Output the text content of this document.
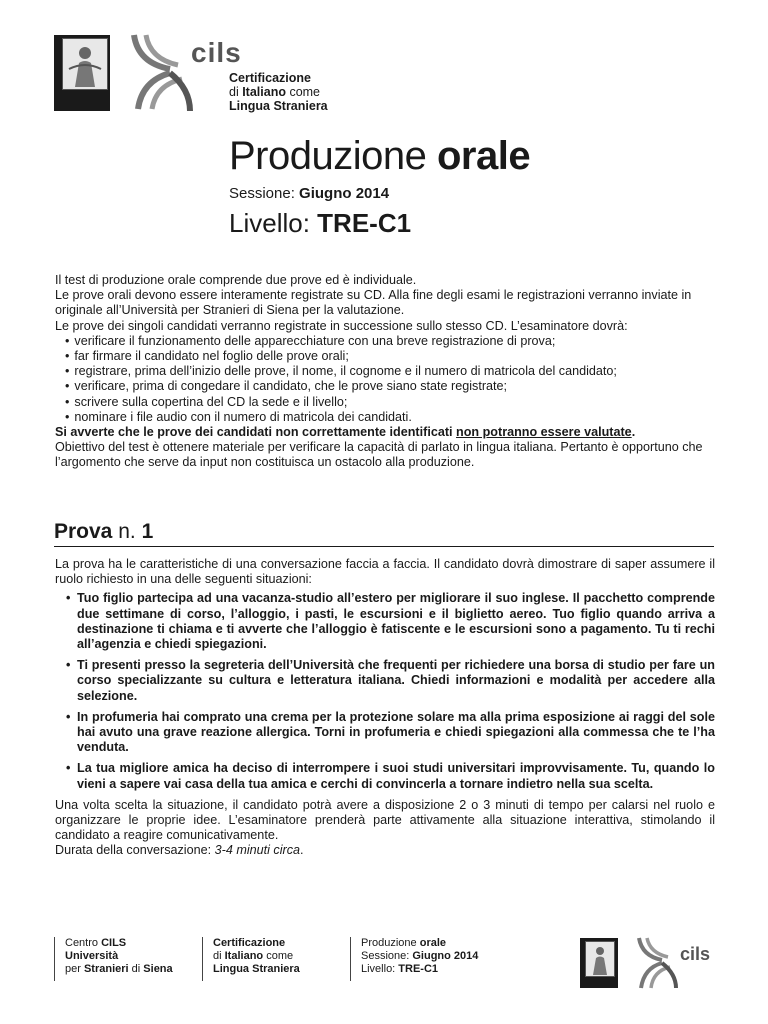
cils
Certificazione
di Italiano come
Lingua Straniera
Produzione orale
Sessione: Giugno 2014
Livello: TRE-C1

Il test di produzione orale comprende due prove ed è individuale.

Le prove orali devono essere interamente registrate su CD. Alla fine degli esami le registrazioni verranno inviate in originale all’Università per Stranieri di Siena per la valutazione.

Le prove dei singoli candidati verranno registrate in successione sullo stesso CD. L’esaminatore dovrà:

• verificare il funzionamento delle apparecchiature con una breve registrazione di prova;
• far firmare il candidato nel foglio delle prove orali;
• registrare, prima dell’inizio delle prove, il nome, il cognome e il numero di matricola del candidato;
• verificare, prima di congedare il candidato, che le prove siano state registrate;
• scrivere sulla copertina del CD la sede e il livello;
• nominare i file audio con il numero di matricola dei candidati.

Si avverte che le prove dei candidati non correttamente identificati non potranno essere valutate.

Obiettivo del test è ottenere materiale per verificare la capacità di parlato in lingua italiana. Pertanto è opportuno che l’argomento che serve da input non costituisca un ostacolo alla produzione.

Prova n. 1

La prova ha le caratteristiche di una conversazione faccia a faccia. Il candidato dovrà dimostrare di saper assumere il ruolo richiesto in una delle seguenti situazioni:

• Tuo figlio partecipa ad una vacanza-studio all’estero per migliorare il suo inglese. Il pacchetto comprende due settimane di corso, l’alloggio, i pasti, le escursioni e il biglietto aereo. Tuo figlio quando arriva a destinazione ti chiama e ti avverte che l’alloggio è fatiscente e le escursioni sono a pagamento. Tu ti rechi all’agenzia e chiedi spiegazioni.
• Ti presenti presso la segreteria dell’Università che frequenti per richiedere una borsa di studio per fare un corso specializzante su cultura e letteratura italiana. Chiedi informazioni e modalità per accedere alla selezione.
• In profumeria hai comprato una crema per la protezione solare ma alla prima esposizione ai raggi del sole hai avuto una grave reazione allergica. Torni in profumeria e chiedi spiegazioni alla commessa che te l’ha venduta.
• La tua migliore amica ha deciso di interrompere i suoi studi universitari improvvisamente. Tu, quando lo vieni a sapere vai casa della tua amica e cerchi di convincerla a tornare indietro nella sua scelta.

Una volta scelta la situazione, il candidato potrà avere a disposizione 2 o 3 minuti di tempo per calarsi nel ruolo e organizzare le proprie idee. L’esaminatore prenderà parte attivamente alla situazione interattiva, stimolando il candidato a reagire comunicativamente.

Durata della conversazione: 3-4 minuti circa.

Centro CILS
Università
per Stranieri di Siena
Certificazione
di Italiano come
Lingua Straniera
Produzione orale
Sessione: Giugno 2014
Livello: TRE-C1
cils
